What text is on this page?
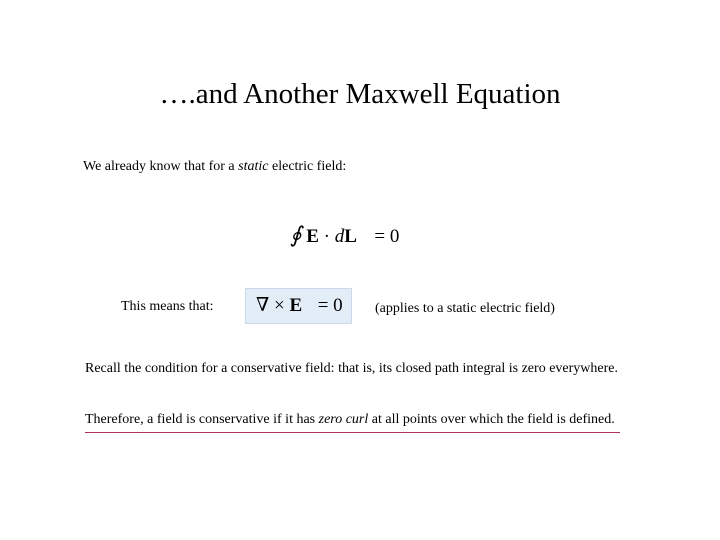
….and Another Maxwell Equation
We already know that for a static electric field:
∮ E · dL = 0
This means that: ∇ × E = 0 (applies to a static electric field)
Recall the condition for a conservative field: that is, its closed path integral is zero everywhere.
Therefore, a field is conservative if it has zero curl at all points over which the field is defined.
